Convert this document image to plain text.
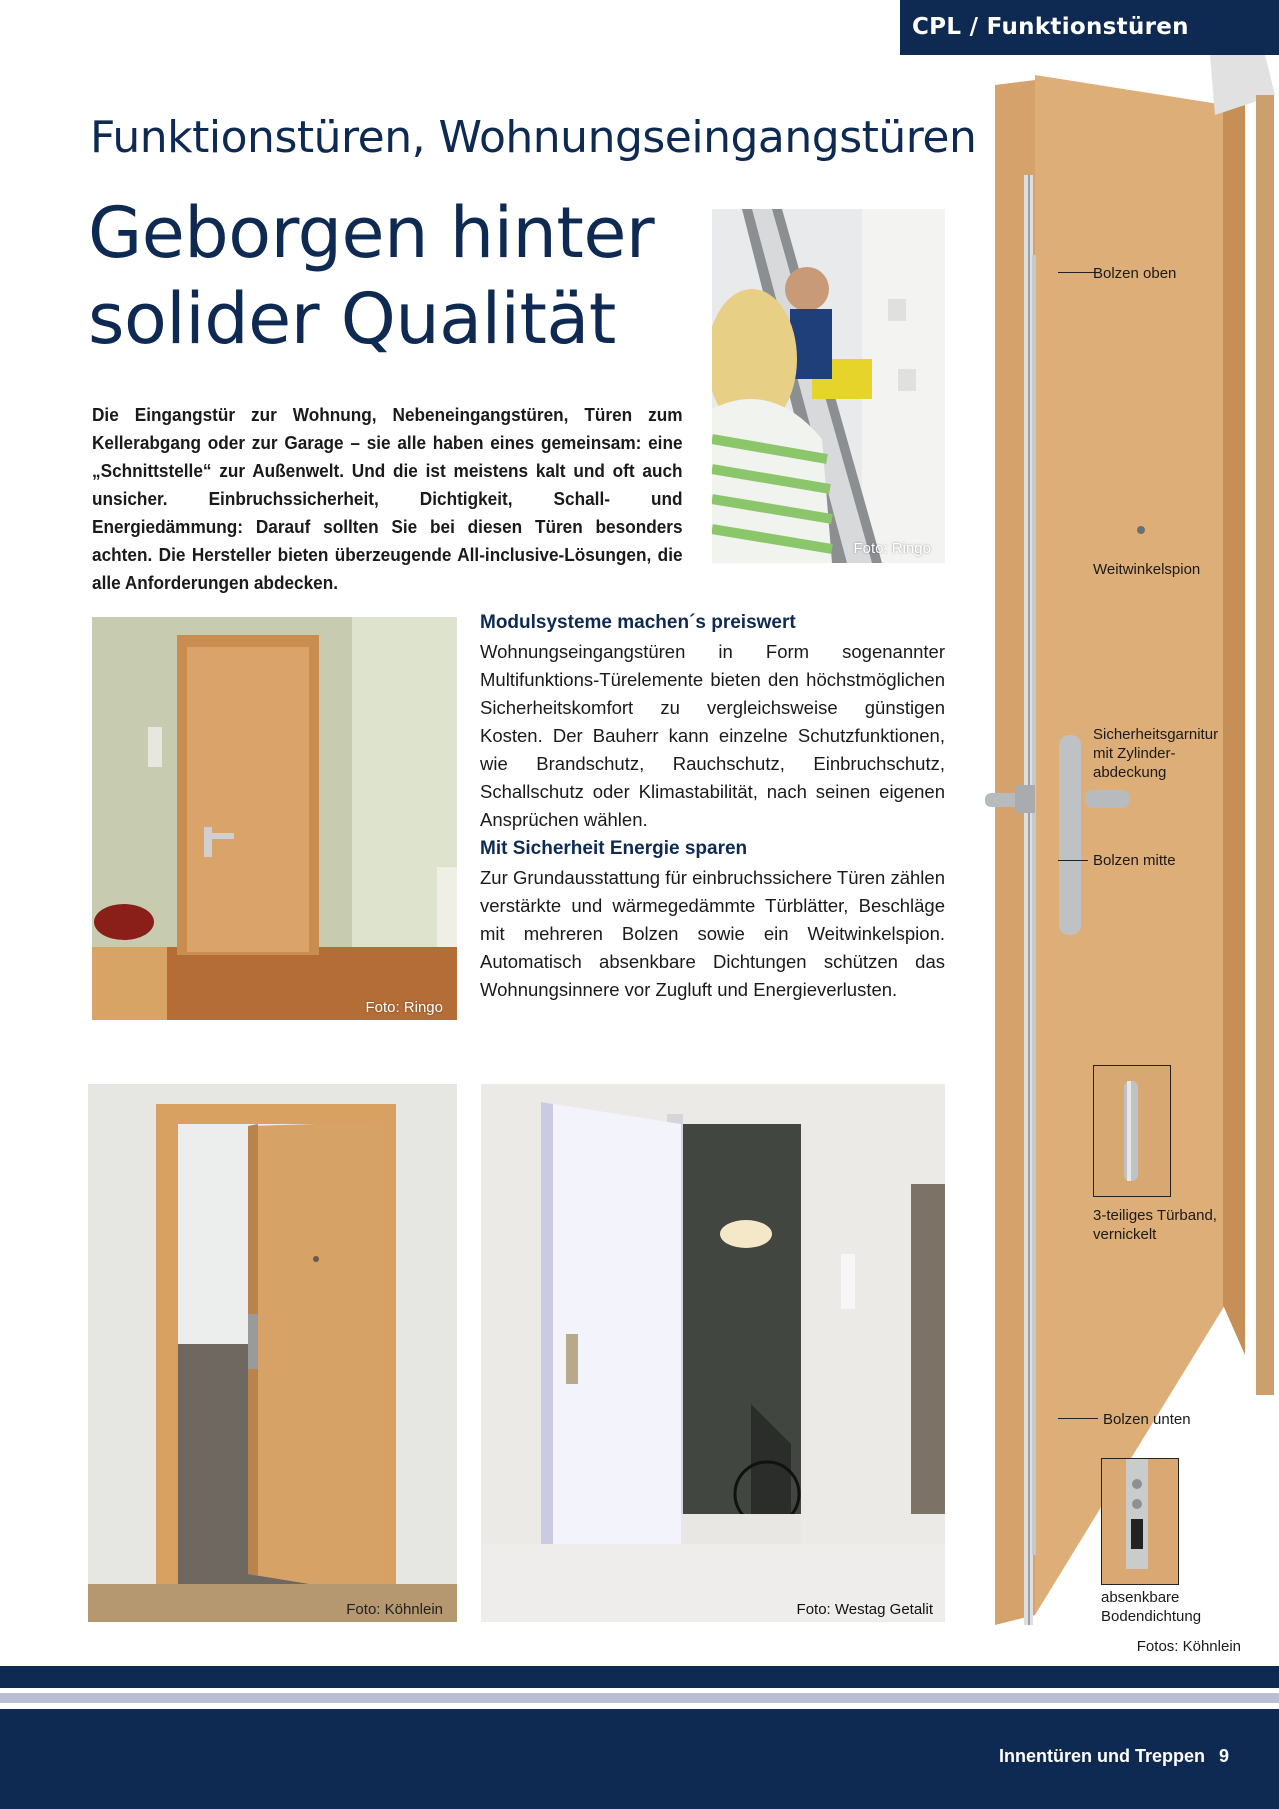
CPL / Funktionstüren
Funktionstüren, Wohnungseingangstüren
Geborgen hinter
solider Qualität
Die Eingangstür zur Wohnung, Nebeneingangstüren, Türen zum Kellerabgang oder zur Garage – sie alle haben eines gemeinsam: eine „Schnittstelle“ zur Außenwelt. Und die ist meistens kalt und oft auch unsicher. Einbruchssicherheit, Dichtigkeit, Schall- und Energiedämmung: Darauf sollten Sie bei diesen Türen besonders achten. Die Hersteller bieten überzeugende All-inclusive-Lösungen, die alle Anforderungen abdecken.
Foto: Ringo
Foto: Ringo
Modulsysteme machen´s preiswert
Wohnungseingangstüren in Form sogenannter Multifunktions-Türelemente bieten den höchstmöglichen Sicherheitskomfort zu vergleichsweise günstigen Kosten. Der Bauherr kann einzelne Schutzfunktionen, wie Brandschutz, Rauchschutz, Einbruchschutz, Schallschutz oder Klimastabilität, nach seinen eigenen Ansprüchen wählen.
Mit Sicherheit Energie sparen
Zur Grundausstattung für einbruchssichere Türen zählen verstärkte und wärmegedämmte Türblätter, Beschläge mit mehreren Bolzen sowie ein Weitwinkelspion. Automatisch absenkbare Dichtungen schützen das Wohnungsinnere vor Zugluft und Energieverlusten.
Foto: Köhnlein	Foto: Westag Getalit
Bolzen oben
Weitwinkelspion
Sicherheitsgarnitur mit Zylinder-abdeckung
Bolzen mitte
3-teiliges Türband, vernickelt
Bolzen unten
absenkbare Bodendichtung
Fotos: Köhnlein
Innentüren und Treppen 9
